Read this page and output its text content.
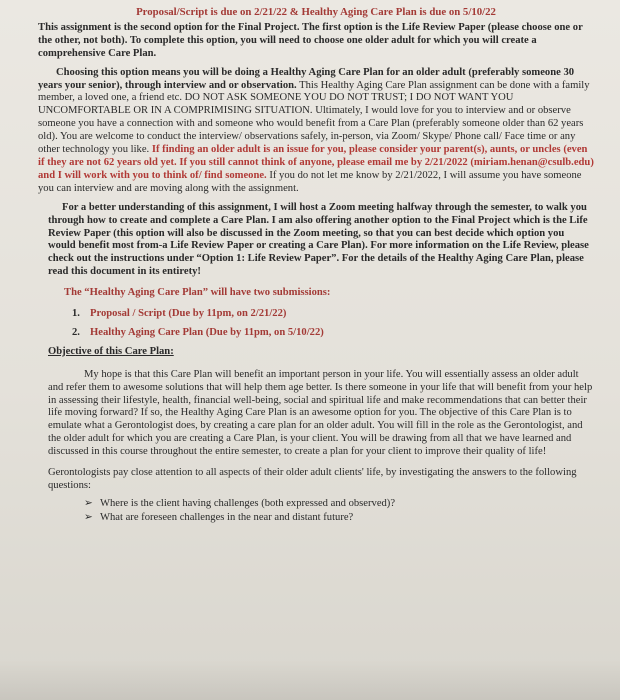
Proposal/Script is due on 2/21/22 & Healthy Aging Care Plan is due on 5/10/22

This assignment is the second option for the Final Project. The first option is the Life Review Paper (please choose one or the other, not both). To complete this option, you will need to choose one older adult for which you will create a comprehensive Care Plan.

Choosing this option means you will be doing a Healthy Aging Care Plan for an older adult (preferably someone 30 years your senior), through interview and or observation. This Healthy Aging Care Plan assignment can be done with a family member, a loved one, a friend etc. DO NOT ASK SOMEONE YOU DO NOT TRUST; I DO NOT WANT YOU UNCOMFORTABLE OR IN A COMPRIMISING SITUATION. Ultimately, I would love for you to interview and or observe someone you have a connection with and someone who would benefit from a Care Plan (preferably someone older than 62 years old). You are welcome to conduct the interview/ observations safely, in-person, via Zoom/ Skype/ Phone call/ Face time or any other technology you like. If finding an older adult is an issue for you, please consider your parent(s), aunts, or uncles (even if they are not 62 years old yet. If you still cannot think of anyone, please email me by 2/21/2022 (miriam.henan@csulb.edu) and I will work with you to think of/ find someone. If you do not let me know by 2/21/2022, I will assume you have someone you can interview and are moving along with the assignment.

For a better understanding of this assignment, I will host a Zoom meeting halfway through the semester, to walk you through how to create and complete a Care Plan. I am also offering another option to the Final Project which is the Life Review Paper (this option will also be discussed in the Zoom meeting, so that you can best decide which option you would benefit most from-a Life Review Paper or creating a Care Plan). For more information on the Life Review, please check out the instructions under “Option 1: Life Review Paper”. For the details of the Healthy Aging Care Plan, please read this document in its entirety!

The “Healthy Aging Care Plan” will have two submissions:
1. Proposal / Script (Due by 11pm, on 2/21/22)
2. Healthy Aging Care Plan (Due by 11pm, on 5/10/22)
Objective of this Care Plan:

My hope is that this Care Plan will benefit an important person in your life. You will essentially assess an older adult and refer them to awesome solutions that will help them age better. Is there someone in your life that will benefit from your help in assessing their lifestyle, health, financial well-being, social and spiritual life and make recommendations that can better their life moving forward? If so, the Healthy Aging Care Plan is an awesome option for you. The objective of this Care Plan is to emulate what a Gerontologist does, by creating a care plan for an older adult. You will fill in the role as the Gerontologist, and the older adult for which you are creating a Care Plan, is your client. You will be drawing from all that we have learned and discussed in this course throughout the entire semester, to create a plan for your client to improve their quality of life!

Gerontologists pay close attention to all aspects of their older adult clients' life, by investigating the answers to the following questions:

➢ Where is the client having challenges (both expressed and observed)?
➢ What are foreseen challenges in the near and distant future?
